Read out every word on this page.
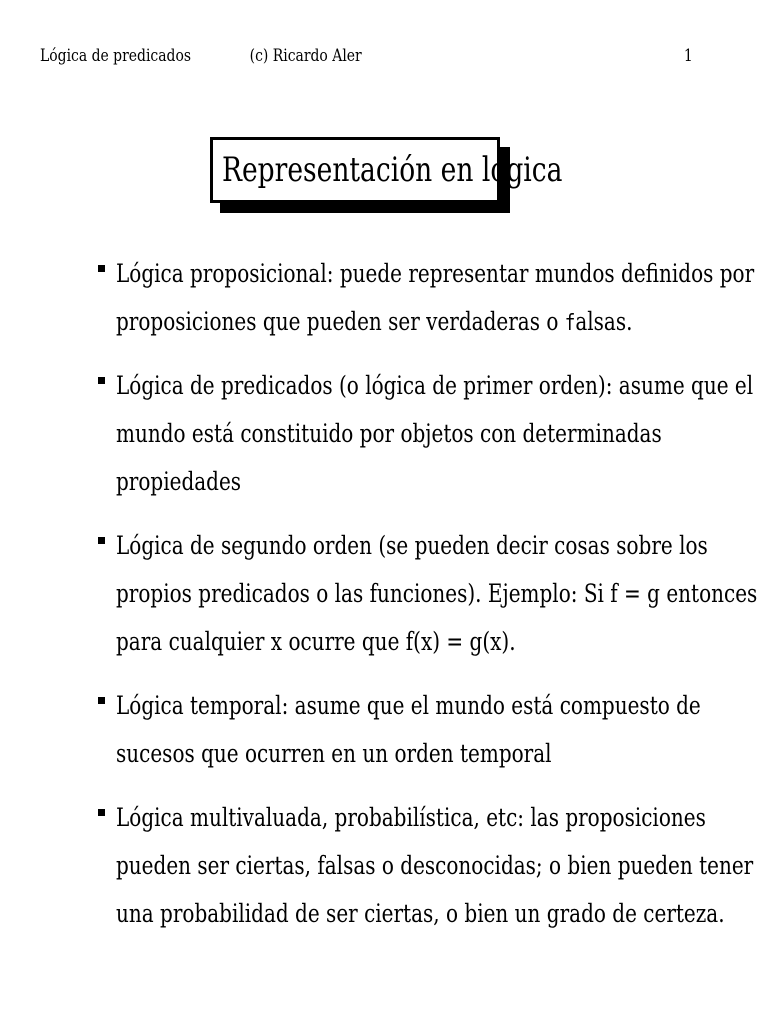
Lógica de predicados	(c) Ricardo Aler	1
Representación en lógica
Lógica proposicional: puede representar mundos definidos por
proposiciones que pueden ser verdaderas o falsas.
Lógica de predicados (o lógica de primer orden): asume que el
mundo está constituido por objetos con determinadas
propiedades
Lógica de segundo orden (se pueden decir cosas sobre los
propios predicados o las funciones). Ejemplo: Si f = g entonces
para cualquier x ocurre que f(x) = g(x).
Lógica temporal: asume que el mundo está compuesto de
sucesos que ocurren en un orden temporal
Lógica multivaluada, probabilística, etc: las proposiciones
pueden ser ciertas, falsas o desconocidas; o bien pueden tener
una probabilidad de ser ciertas, o bien un grado de certeza.
